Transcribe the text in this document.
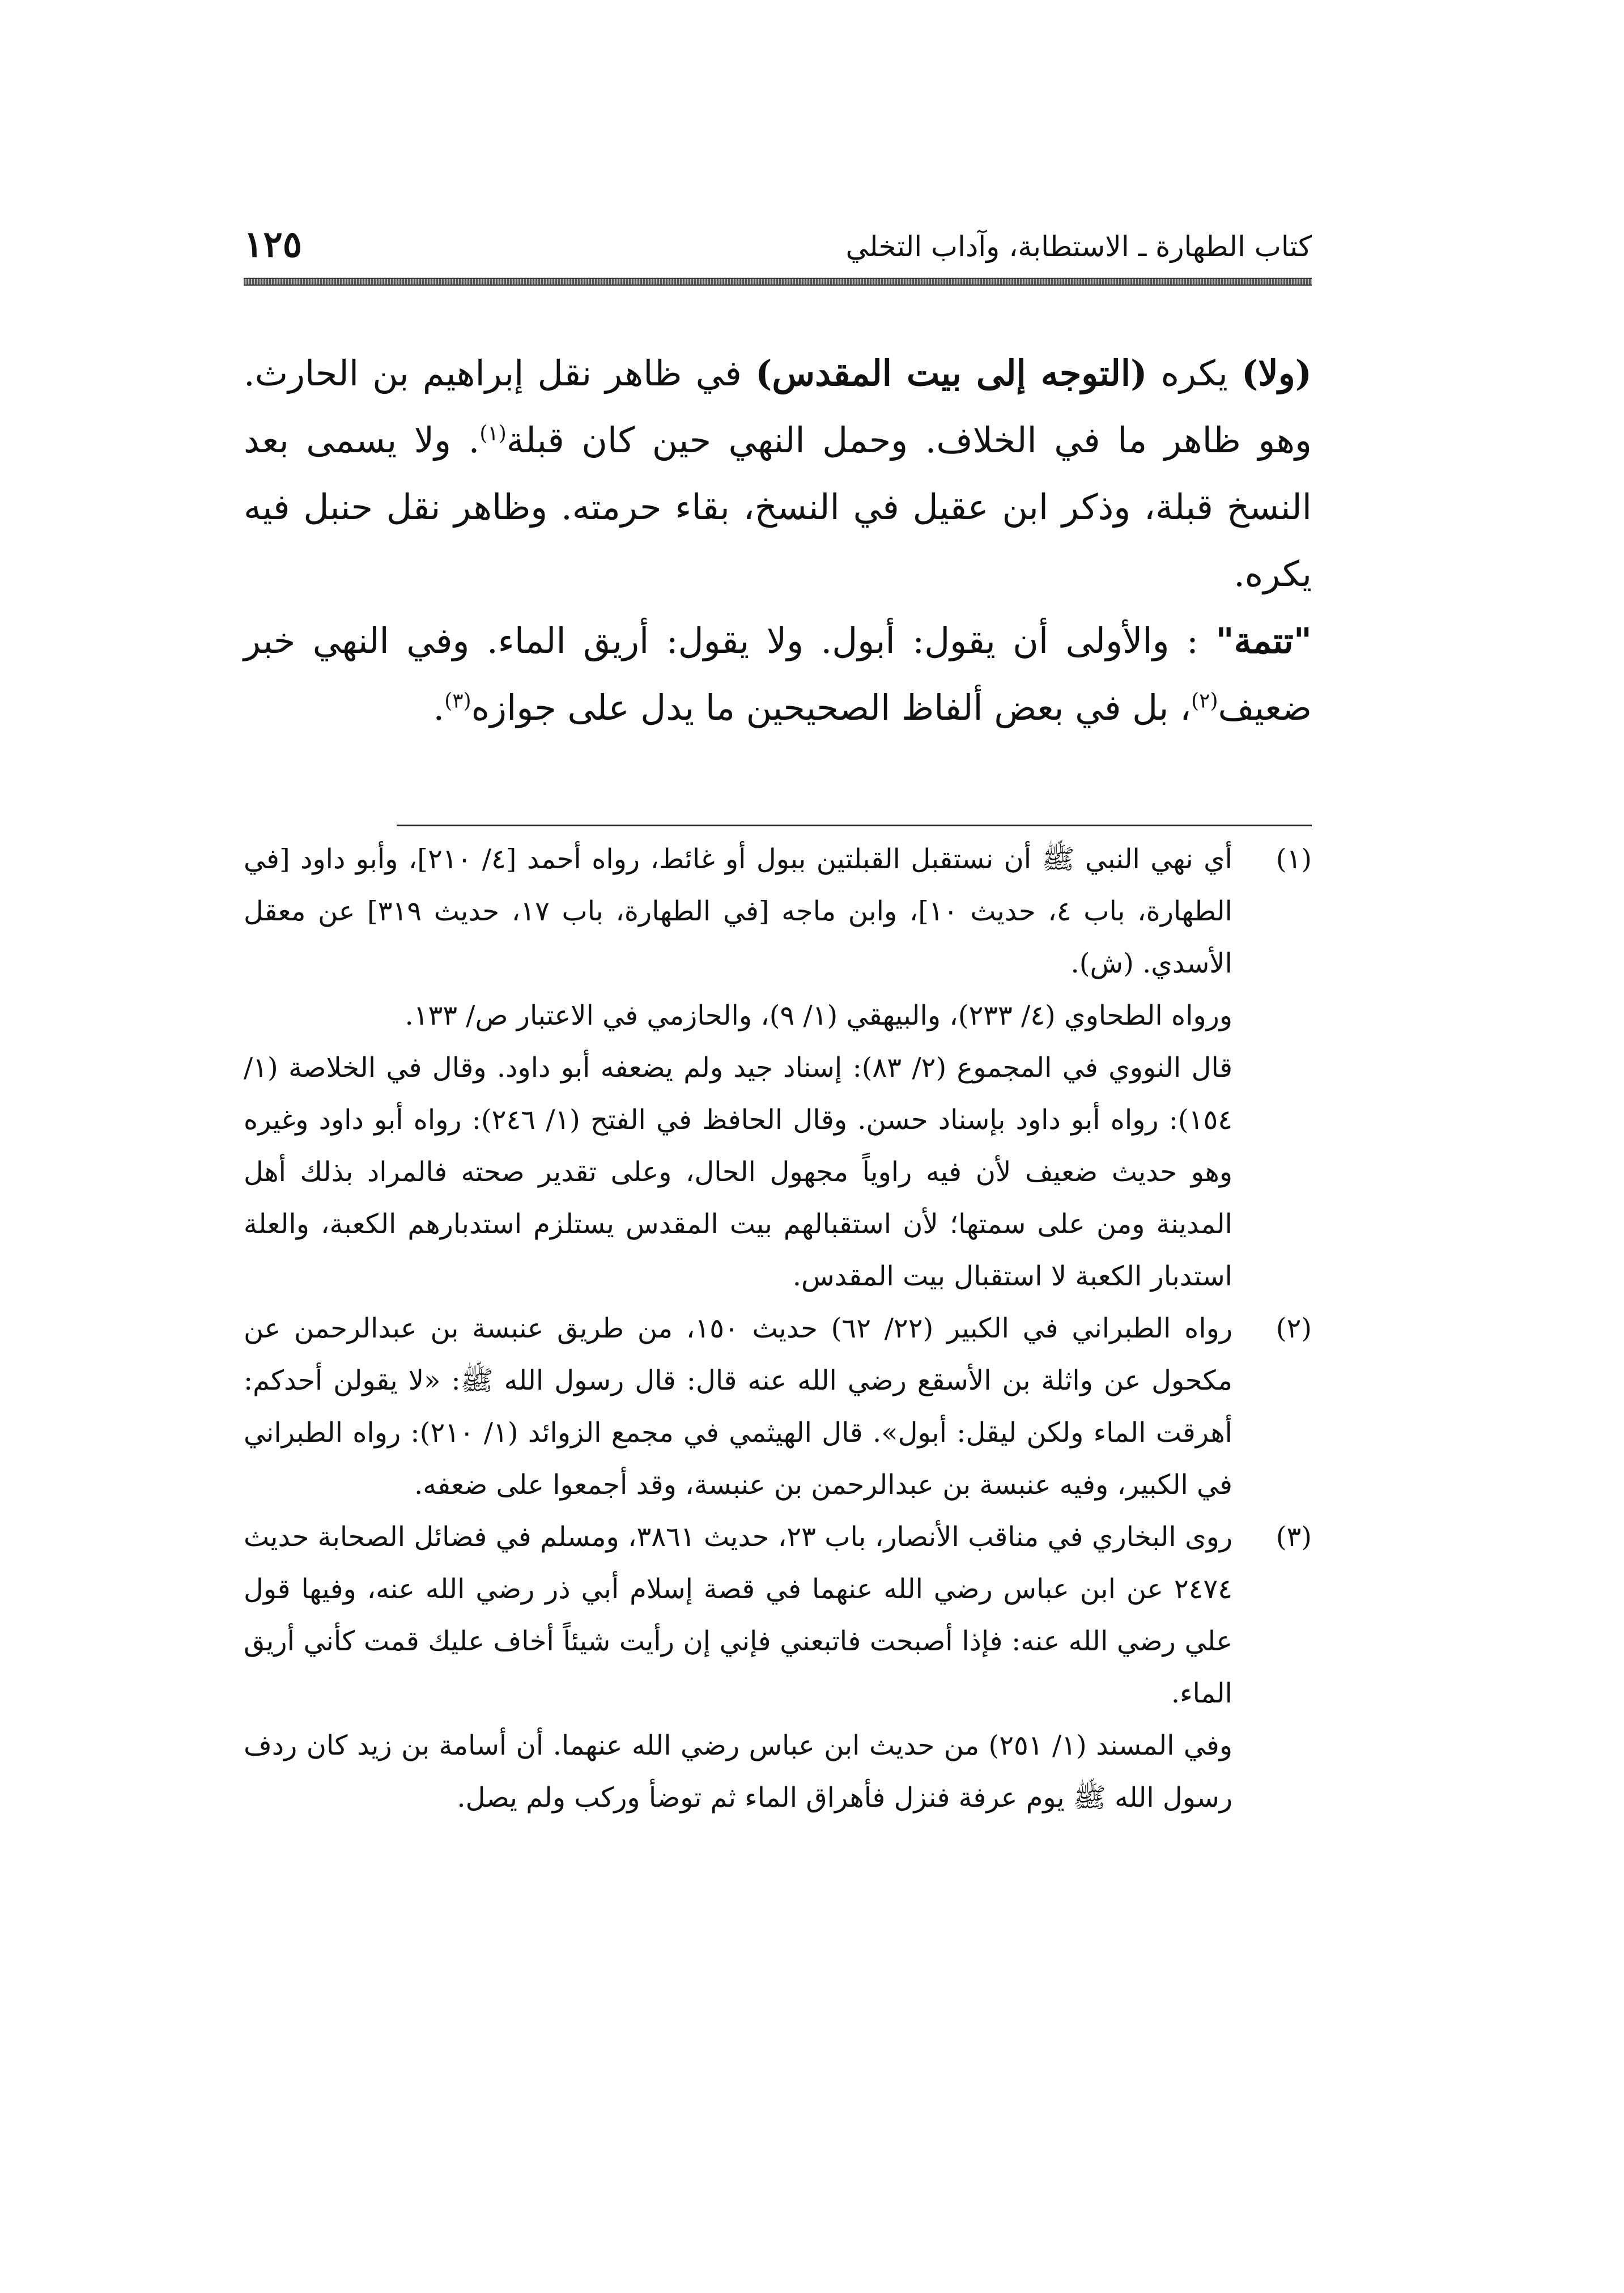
كتاب الطهارة ـ الاستطابة، وآداب التخلي
١٢٥

(ولا) يكره (التوجه إلى بيت المقدس) في ظاهر نقل إبراهيم بن الحارث. وهو ظاهر ما في الخلاف. وحمل النهي حين كان قبلة$^{(١)}$. ولا يسمى بعد النسخ قبلة، وذكر ابن عقيل في النسخ، بقاء حرمته. وظاهر نقل حنبل فيه يكره.

"تتمة" : والأولى أن يقول: أبول. ولا يقول: أريق الماء. وفي النهي خبر ضعيف$^{(٢)}$، بل في بعض ألفاظ الصحيحين ما يدل على جوازه$^{(٣)}$.

(١)

أي نهي النبي ﷺ أن نستقبل القبلتين ببول أو غائط، رواه أحمد [٤/ ٢١٠]، وأبو داود [في الطهارة، باب ٤، حديث ١٠]، وابن ماجه [في الطهارة، باب ١٧، حديث ٣١٩] عن معقل الأسدي. (ش).

ورواه الطحاوي (٤/ ٢٣٣)، والبيهقي (١/ ٩)، والحازمي في الاعتبار ص/ ١٣٣.

قال النووي في المجموع (٢/ ٨٣): إسناد جيد ولم يضعفه أبو داود. وقال في الخلاصة (١/ ١٥٤): رواه أبو داود بإسناد حسن. وقال الحافظ في الفتح (١/ ٢٤٦): رواه أبو داود وغيره وهو حديث ضعيف لأن فيه راوياً مجهول الحال، وعلى تقدير صحته فالمراد بذلك أهل المدينة ومن على سمتها؛ لأن استقبالهم بيت المقدس يستلزم استدبارهم الكعبة، والعلة استدبار الكعبة لا استقبال بيت المقدس.

(٢)

رواه الطبراني في الكبير (٢٢/ ٦٢) حديث ١٥٠، من طريق عنبسة بن عبدالرحمن عن مكحول عن واثلة بن الأسقع رضي الله عنه قال: قال رسول الله ﷺ: «لا يقولن أحدكم: أهرقت الماء ولكن ليقل: أبول». قال الهيثمي في مجمع الزوائد (١/ ٢١٠): رواه الطبراني في الكبير، وفيه عنبسة بن عبدالرحمن بن عنبسة، وقد أجمعوا على ضعفه.

(٣)

روى البخاري في مناقب الأنصار، باب ٢٣، حديث ٣٨٦١، ومسلم في فضائل الصحابة حديث ٢٤٧٤ عن ابن عباس رضي الله عنهما في قصة إسلام أبي ذر رضي الله عنه، وفيها قول علي رضي الله عنه: فإذا أصبحت فاتبعني فإني إن رأيت شيئاً أخاف عليك قمت كأني أريق الماء.

وفي المسند (١/ ٢٥١) من حديث ابن عباس رضي الله عنهما. أن أسامة بن زيد كان ردف رسول الله ﷺ يوم عرفة فنزل فأهراق الماء ثم توضأ وركب ولم يصل.
